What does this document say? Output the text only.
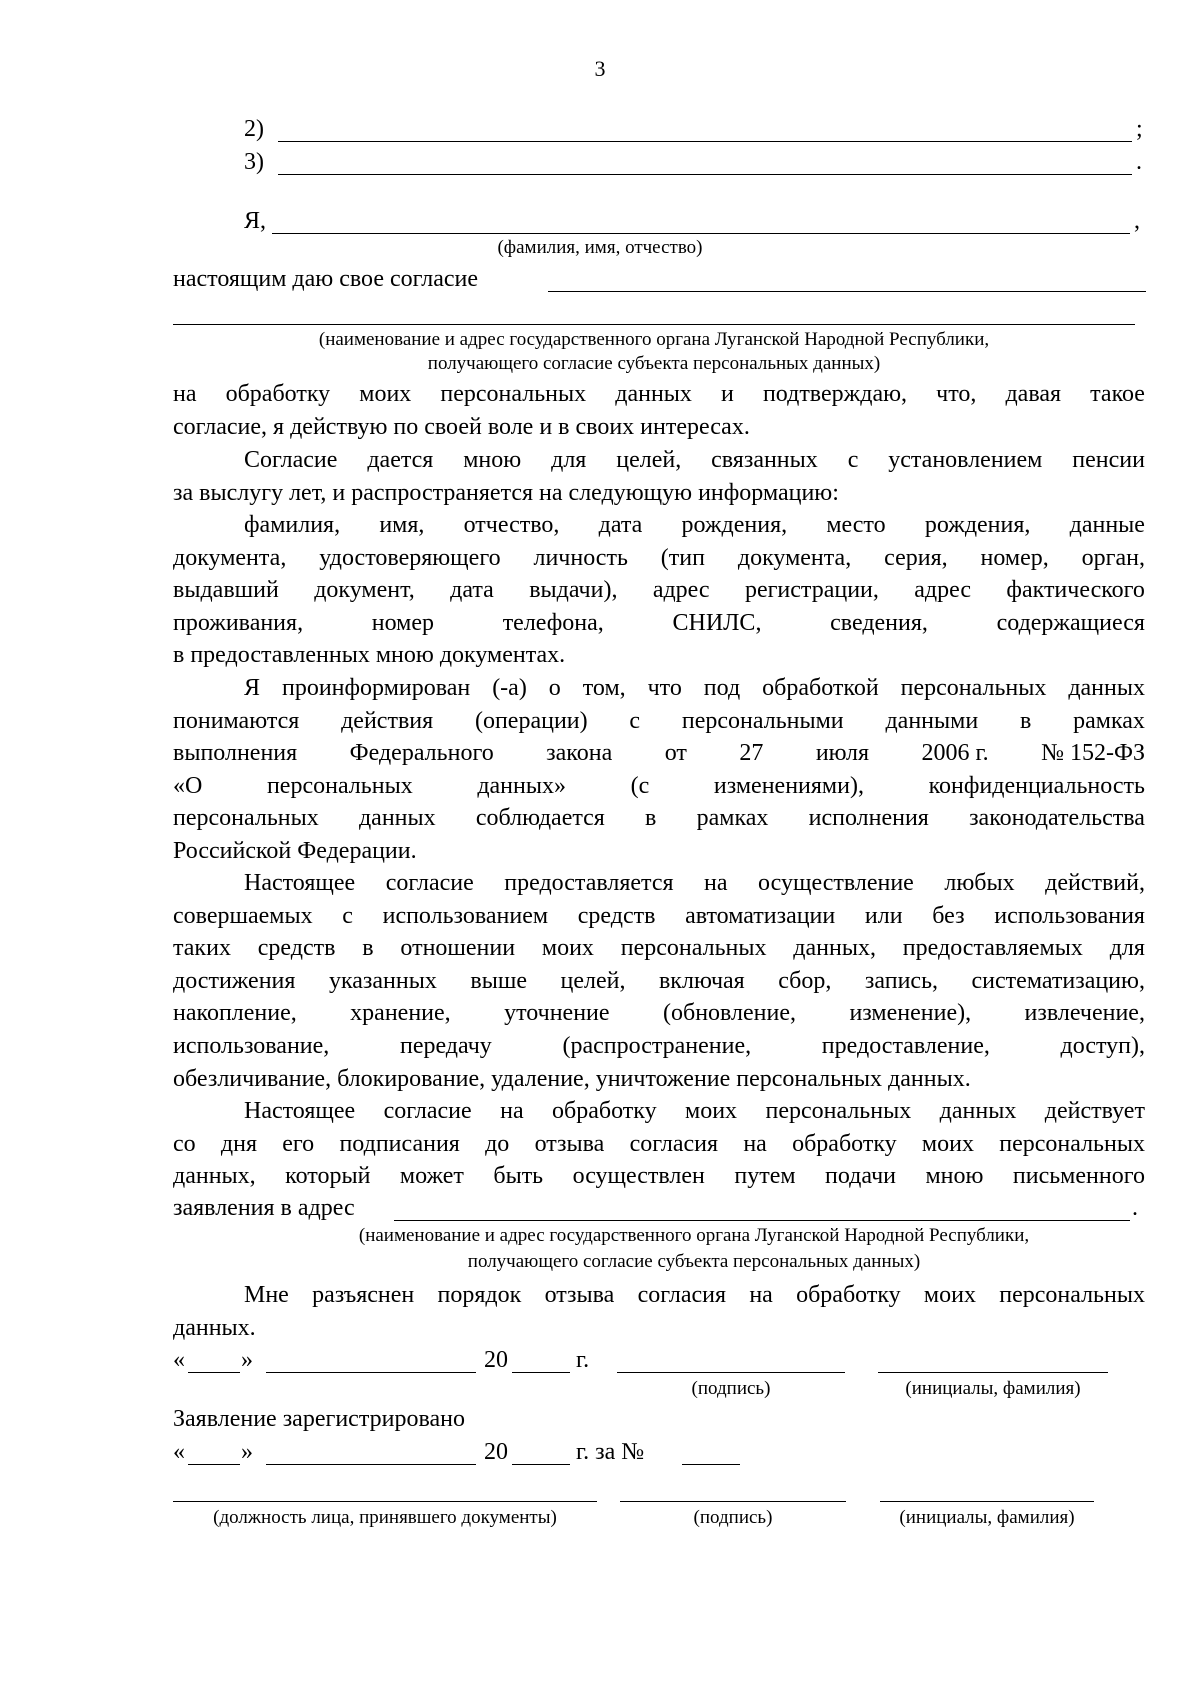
3
2)	;
3)	.
Я,	,
(фамилия, имя, отчество)
настоящим даю свое согласие
(наименование и адрес государственного органа Луганской Народной Республики,
получающего согласие субъекта персональных данных)
на обработку моих персональных данных и подтверждаю, что, давая такое
согласие, я действую по своей воле и в своих интересах.
Согласие дается мною для целей, связанных с установлением пенсии
за выслугу лет, и распространяется на следующую информацию:
фамилия, имя, отчество, дата рождения, место рождения, данные
документа, удостоверяющего личность (тип документа, серия, номер, орган,
выдавший документ, дата выдачи), адрес регистрации, адрес фактического
проживания,	номер	телефона,	СНИЛС,	сведения,	содержащиеся
в предоставленных мною документах.
Я проинформирован (-а) о том, что под обработкой персональных данных
понимаются действия (операции) с персональными данными в рамках
выполнения Федерального закона от 27 июля 2006 г. № 152-ФЗ
«О	персональных	данных»	(с	изменениями),	конфиденциальность
персональных данных соблюдается в рамках исполнения законодательства
Российской Федерации.
Настоящее согласие предоставляется на осуществление любых действий,
совершаемых с использованием средств автоматизации или без использования
таких средств в отношении моих персональных данных, предоставляемых для
достижения указанных выше целей, включая сбор, запись, систематизацию,
накопление, хранение, уточнение (обновление, изменение), извлечение,
использование,	передачу	(распространение,	предоставление,	доступ),
обезличивание, блокирование, удаление, уничтожение персональных данных.
Настоящее согласие на обработку моих персональных данных действует
со дня его подписания до отзыва согласия на обработку моих персональных
данных, который может быть осуществлен путем подачи мною письменного
заявления в адрес	.
(наименование и адрес государственного органа Луганской Народной Республики,
получающего согласие субъекта персональных данных)
Мне разъяснен порядок отзыва согласия на обработку моих персональных
данных.
« »	20	г.
(подпись)	(инициалы, фамилия)
Заявление зарегистрировано
« »	20	г. за №
(должность лица, принявшего документы)	(подпись)	(инициалы, фамилия)
